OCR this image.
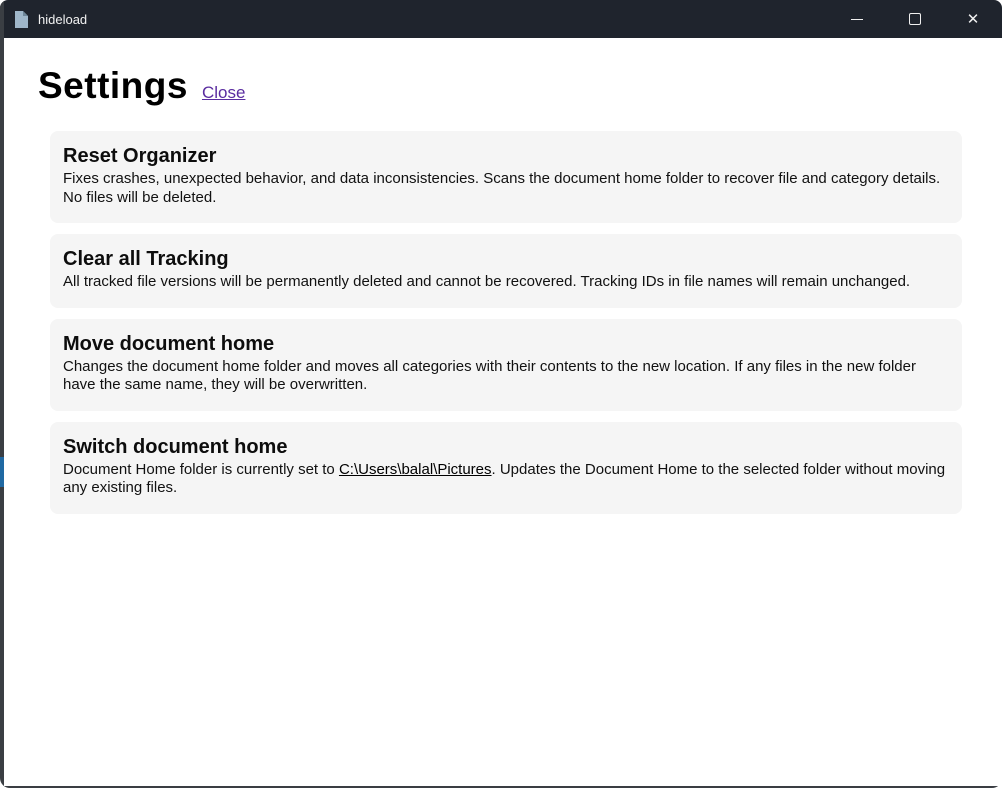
hideload	✕
Settings Close
Reset Organizer
Fixes crashes, unexpected behavior, and data inconsistencies. Scans the document home folder to recover file and category details. No files will be deleted.
Clear all Tracking
All tracked file versions will be permanently deleted and cannot be recovered. Tracking IDs in file names will remain unchanged.
Move document home
Changes the document home folder and moves all categories with their contents to the new location. If any files in the new folder have the same name, they will be overwritten.
Switch document home
Document Home folder is currently set to C:\Users\balal\Pictures. Updates the Document Home to the selected folder without moving any existing files.
